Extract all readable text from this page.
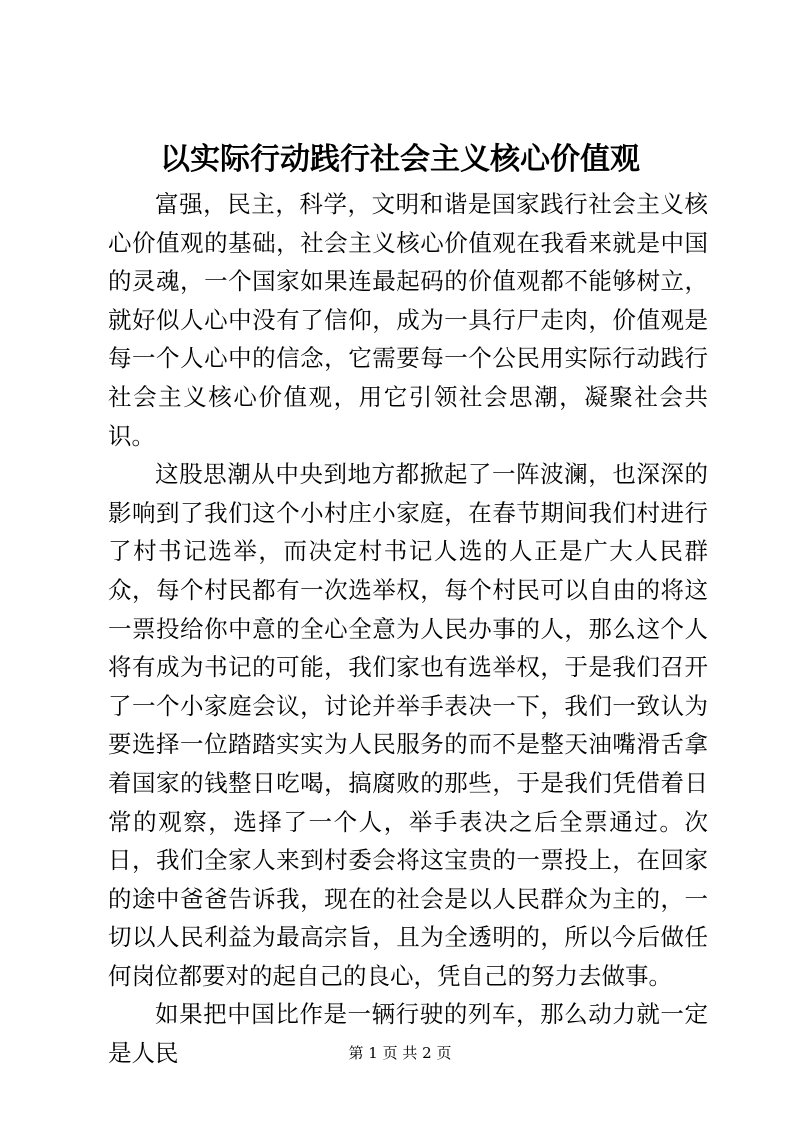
以实际行动践行社会主义核心价值观

富强，民主，科学，文明和谐是国家践行社会主义核心价值观的基础，社会主义核心价值观在我看来就是中国的灵魂，一个国家如果连最起码的价值观都不能够树立，就好似人心中没有了信仰，成为一具行尸走肉，价值观是每一个人心中的信念，它需要每一个公民用实际行动践行社会主义核心价值观，用它引领社会思潮，凝聚社会共识。

这股思潮从中央到地方都掀起了一阵波澜，也深深的影响到了我们这个小村庄小家庭，在春节期间我们村进行了村书记选举，而决定村书记人选的人正是广大人民群众，每个村民都有一次选举权，每个村民可以自由的将这一票投给你中意的全心全意为人民办事的人，那么这个人将有成为书记的可能，我们家也有选举权，于是我们召开了一个小家庭会议，讨论并举手表决一下，我们一致认为要选择一位踏踏实实为人民服务的而不是整天油嘴滑舌拿着国家的钱整日吃喝，搞腐败的那些，于是我们凭借着日常的观察，选择了一个人，举手表决之后全票通过。次日，我们全家人来到村委会将这宝贵的一票投上，在回家的途中爸爸告诉我，现在的社会是以人民群众为主的，一切以人民利益为最高宗旨，且为全透明的，所以今后做任何岗位都要对的起自己的良心，凭自己的努力去做事。

如果把中国比作是一辆行驶的列车，那么动力就一定是人民	第 1 页 共 2 页
